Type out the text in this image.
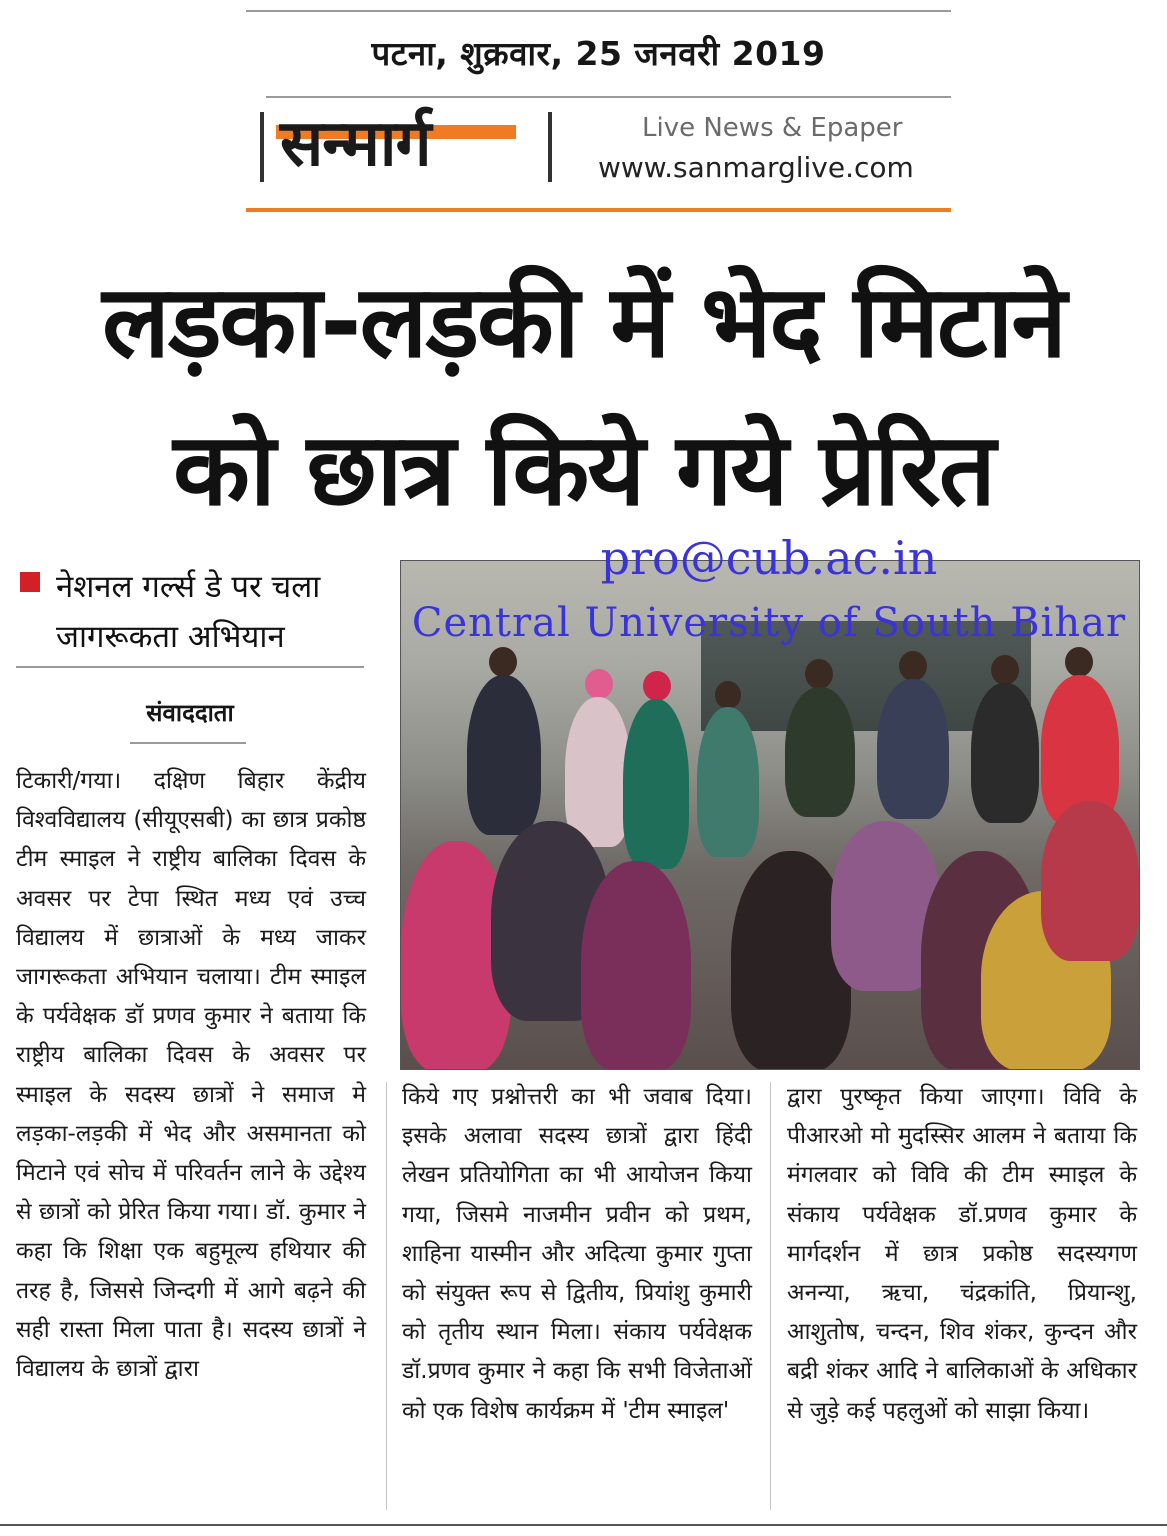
पटना, शुक्रवार, 25 जनवरी 2019
सन्मार्ग	Live News & Epaper
www.sanmarglive.com
लड़का-लड़की में भेद मिटाने
को छात्र किये गये प्रेरित
नेशनल गर्ल्स डे पर चला जागरूकता अभियान
संवाददाता
pro@cub.ac.in
Central University of South Bihar

टिकारी/गया। दक्षिण बिहार केंद्रीय विश्वविद्यालय (सीयूएसबी) का छात्र प्रकोष्ठ टीम स्माइल ने राष्ट्रीय बालिका दिवस के अवसर पर टेपा स्थित मध्य एवं उच्च विद्यालय में छात्राओं के मध्य जाकर जागरूकता अभियान चलाया। टीम स्माइल के पर्यवेक्षक डॉ प्रणव कुमार ने बताया कि राष्ट्रीय बालिका दिवस के अवसर पर स्माइल के सदस्य छात्रों ने समाज मे लड़का-लड़की में भेद और असमानता को मिटाने एवं सोच में परिवर्तन लाने के उद्देश्य से छात्रों को प्रेरित किया गया। डॉ. कुमार ने कहा कि शिक्षा एक बहुमूल्य हथियार की तरह है, जिससे जिन्दगी में आगे बढ़ने की सही रास्ता मिला पाता है। सदस्य छात्रों ने विद्यालय के छात्रों द्वारा

किये गए प्रश्नोत्तरी का भी जवाब दिया। इसके अलावा सदस्य छात्रों द्वारा हिंदी लेखन प्रतियोगिता का भी आयोजन किया गया, जिसमे नाजमीन प्रवीन को प्रथम, शाहिना यास्मीन और अदित्या कुमार गुप्ता को संयुक्त रूप से द्वितीय, प्रियांशु कुमारी को तृतीय स्थान मिला। संकाय पर्यवेक्षक डॉ.प्रणव कुमार ने कहा कि सभी विजेताओं को एक विशेष कार्यक्रम में 'टीम स्माइल'

द्वारा पुरष्कृत किया जाएगा। विवि के पीआरओ मो मुदस्सिर आलम ने बताया कि मंगलवार को विवि की टीम स्माइल के संकाय पर्यवेक्षक डॉ.प्रणव कुमार के मार्गदर्शन में छात्र प्रकोष्ठ सदस्यगण अनन्या, ऋचा, चंद्रकांति, प्रियान्शु, आशुतोष, चन्दन, शिव शंकर, कुन्दन और बद्री शंकर आदि ने बालिकाओं के अधिकार से जुड़े कई पहलुओं को साझा किया।
